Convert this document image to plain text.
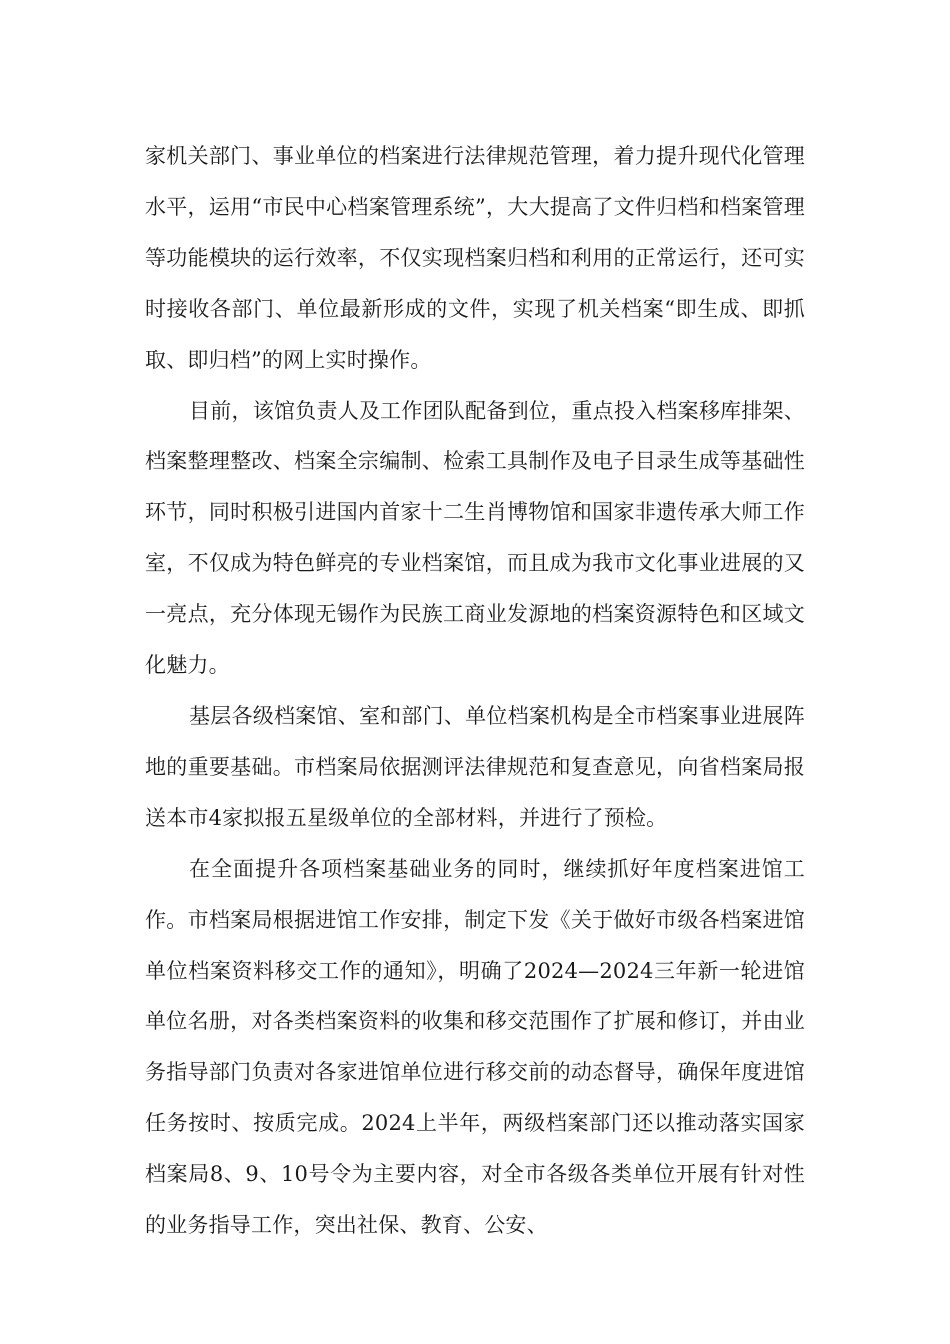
家机关部门、事业单位的档案进行法律规范管理，着力提升现代化管理水平，运用“市民中心档案管理系统”，大大提高了文件归档和档案管理等功能模块的运行效率，不仅实现档案归档和利用的正常运行，还可实时接收各部门、单位最新形成的文件，实现了机关档案“即生成、即抓取、即归档”的网上实时操作。

目前，该馆负责人及工作团队配备到位，重点投入档案移库排架、档案整理整改、档案全宗编制、检索工具制作及电子目录生成等基础性环节，同时积极引进国内首家十二生肖博物馆和国家非遗传承大师工作室，不仅成为特色鲜亮的专业档案馆，而且成为我市文化事业进展的又一亮点，充分体现无锡作为民族工商业发源地的档案资源特色和区域文化魅力。

基层各级档案馆、室和部门、单位档案机构是全市档案事业进展阵地的重要基础。市档案局依据测评法律规范和复查意见，向省档案局报送本市4家拟报五星级单位的全部材料，并进行了预检。

在全面提升各项档案基础业务的同时，继续抓好年度档案进馆工作。市档案局根据进馆工作安排，制定下发《关于做好市级各档案进馆单位档案资料移交工作的通知》，明确了2024—2024三年新一轮进馆单位名册，对各类档案资料的收集和移交范围作了扩展和修订，并由业务指导部门负责对各家进馆单位进行移交前的动态督导，确保年度进馆任务按时、按质完成。2024上半年，两级档案部门还以推动落实国家档案局8、9、10号令为主要内容，对全市各级各类单位开展有针对性的业务指导工作，突出社保、教育、公安、
